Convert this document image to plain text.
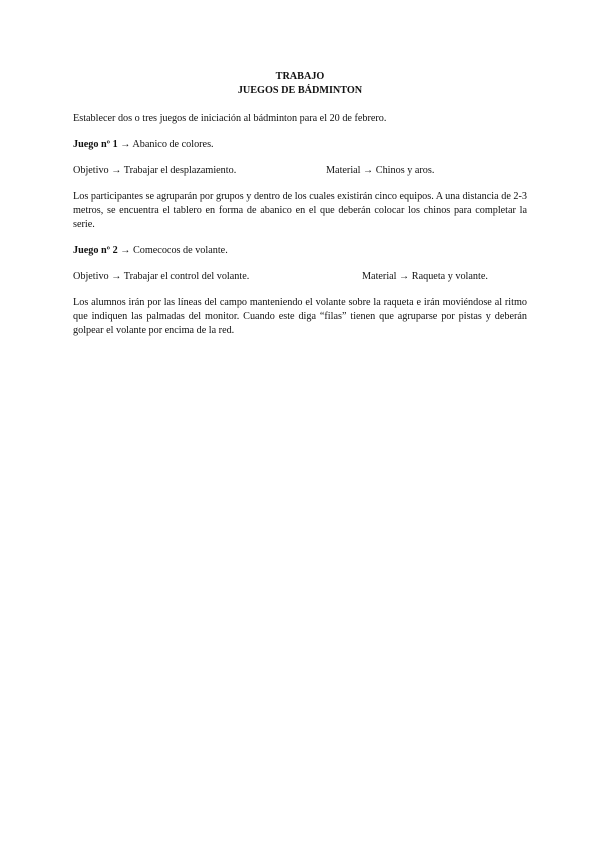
TRABAJO
JUEGOS DE BÁDMINTON

Establecer dos o tres juegos de iniciación al bádminton para el 20 de febrero.

Juego nº 1 → Abanico de colores.

Objetivo → Trabajar el desplazamiento.	Material → Chinos y aros.

Los participantes se agruparán por grupos y dentro de los cuales existirán cinco equipos. A una distancia de 2-3 metros, se encuentra el tablero en forma de abanico en el que deberán colocar los chinos para completar la serie.

Juego nº 2 → Comecocos de volante.

Objetivo → Trabajar el control del volante.	Material → Raqueta y volante.

Los alumnos irán por las líneas del campo manteniendo el volante sobre la raqueta e irán moviéndose al ritmo que indiquen las palmadas del monitor. Cuando este diga “filas” tienen que agruparse por pistas y deberán golpear el volante por encima de la red.
